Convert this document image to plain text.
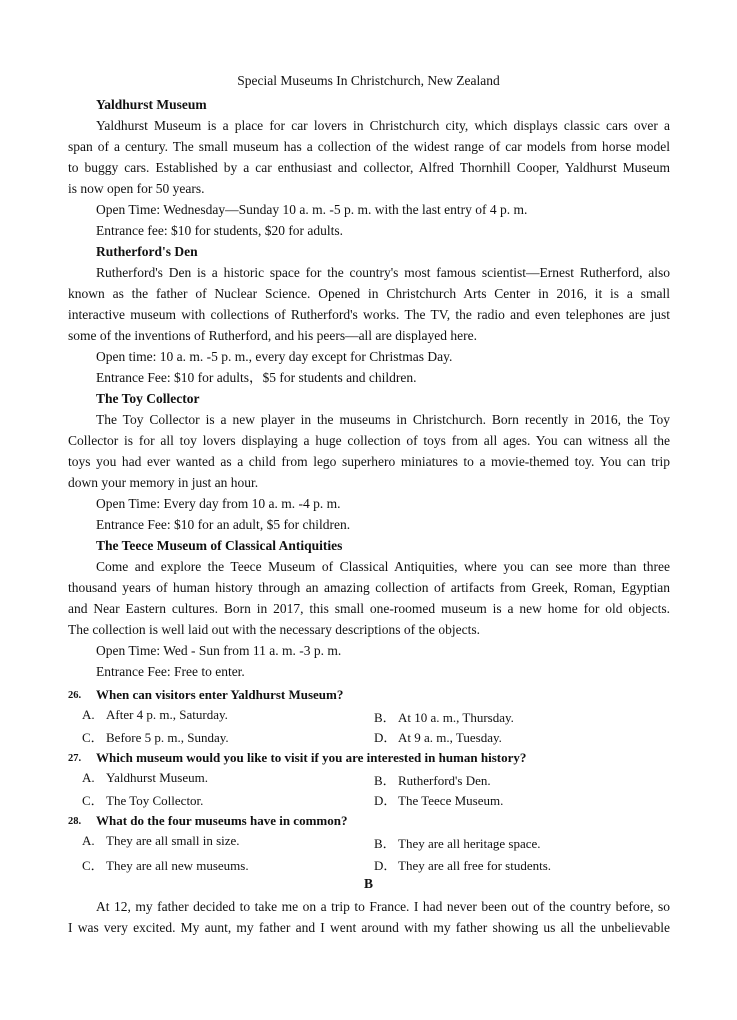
Special Museums In Christchurch, New Zealand
Yaldhurst Museum
Yaldhurst Museum is a place for car lovers in Christchurch city, which displays classic cars over a
span of a century. The small museum has a collection of the widest range of car models from horse model
to buggy cars. Established by a car enthusiast and collector, Alfred Thornhill Cooper, Yaldhurst Museum
is now open for 50 years.
Open Time: Wednesday—Sunday 10 a. m. -5 p. m. with the last entry of 4 p. m.
Entrance fee: $10 for students, $20 for adults.
Rutherford's Den
Rutherford's Den is a historic space for the country's most famous scientist—Ernest Rutherford, also
known as the father of Nuclear Science. Opened in Christchurch Arts Center in 2016, it is a small
interactive museum with collections of Rutherford's works. The TV, the radio and even telephones are just
some of the inventions of Rutherford, and his peers—all are displayed here.
Open time: 10 a. m. -5 p. m., every day except for Christmas Day.
Entrance Fee: $10 for adults，$5 for students and children.
The Toy Collector
The Toy Collector is a new player in the museums in Christchurch. Born recently in 2016, the Toy
Collector is for all toy lovers displaying a huge collection of toys from all ages. You can witness all the
toys you had ever wanted as a child from lego superhero miniatures to a movie-themed toy. You can trip
down your memory in just an hour.
Open Time: Every day from 10 a. m. -4 p. m.
Entrance Fee: $10 for an adult, $5 for children.
The Teece Museum of Classical Antiquities
Come and explore the Teece Museum of Classical Antiquities, where you can see more than three
thousand years of human history through an amazing collection of artifacts from Greek, Roman, Egyptian
and Near Eastern cultures. Born in 2017, this small one-roomed museum is a new home for old objects.
The collection is well laid out with the necessary descriptions of the objects.
Open Time: Wed - Sun from 11 a. m. -3 p. m.
Entrance Fee: Free to enter.
26. When can visitors enter Yaldhurst Museum?
A. After 4 p. m., Saturday.	B． At 10 a. m., Thursday.
C． Before 5 p. m., Sunday.	D． At 9 a. m., Tuesday.
27. Which museum would you like to visit if you are interested in human history?
A. Yaldhurst Museum.	B． Rutherford's Den.
C． The Toy Collector.	D． The Teece Museum.
28. What do the four museums have in common?
A. They are all small in size.	B． They are all heritage space.
C． They are all new museums.	D． They are all free for students.
B
At 12, my father decided to take me on a trip to France. I had never been out of the country before, so
I was very excited. My aunt, my father and I went around with my father showing us all the unbelievable
